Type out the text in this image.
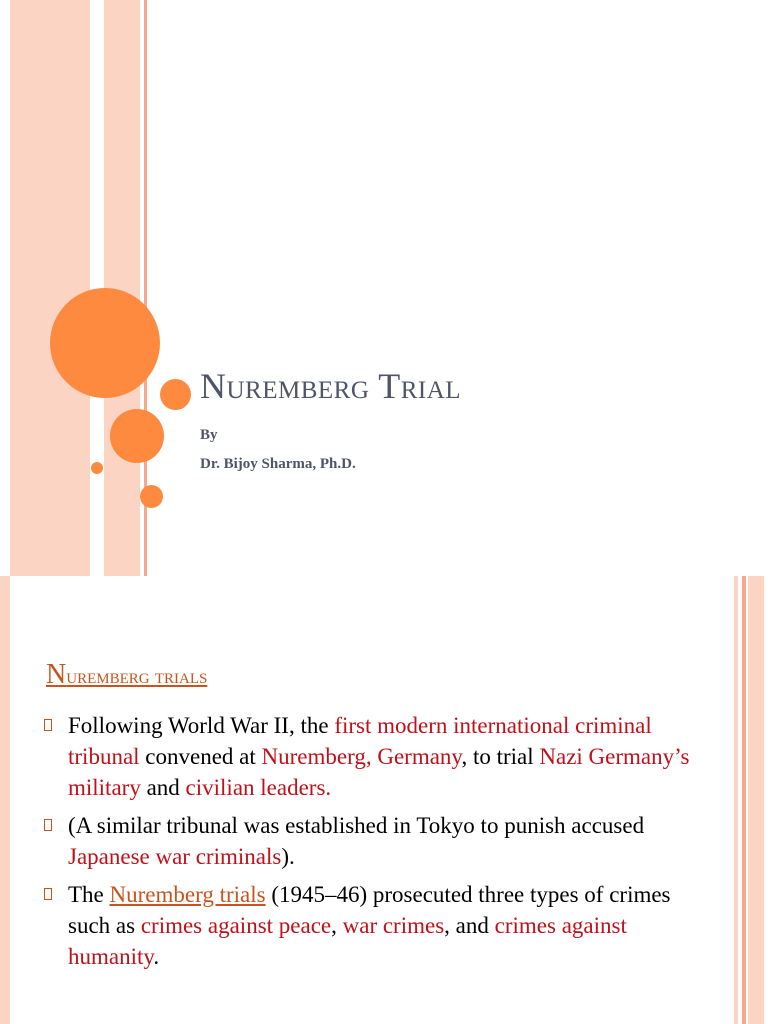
Nuremberg Trial
By
Dr. Bijoy Sharma, Ph.D.
Nuremberg trials
Following World War II, the first modern international criminal tribunal convened at Nuremberg, Germany, to trial Nazi Germany’s military and civilian leaders.
(A similar tribunal was established in Tokyo to punish accused Japanese war criminals).
The Nuremberg trials (1945–46) prosecuted three types of crimes such as crimes against peace, war crimes, and crimes against humanity.
